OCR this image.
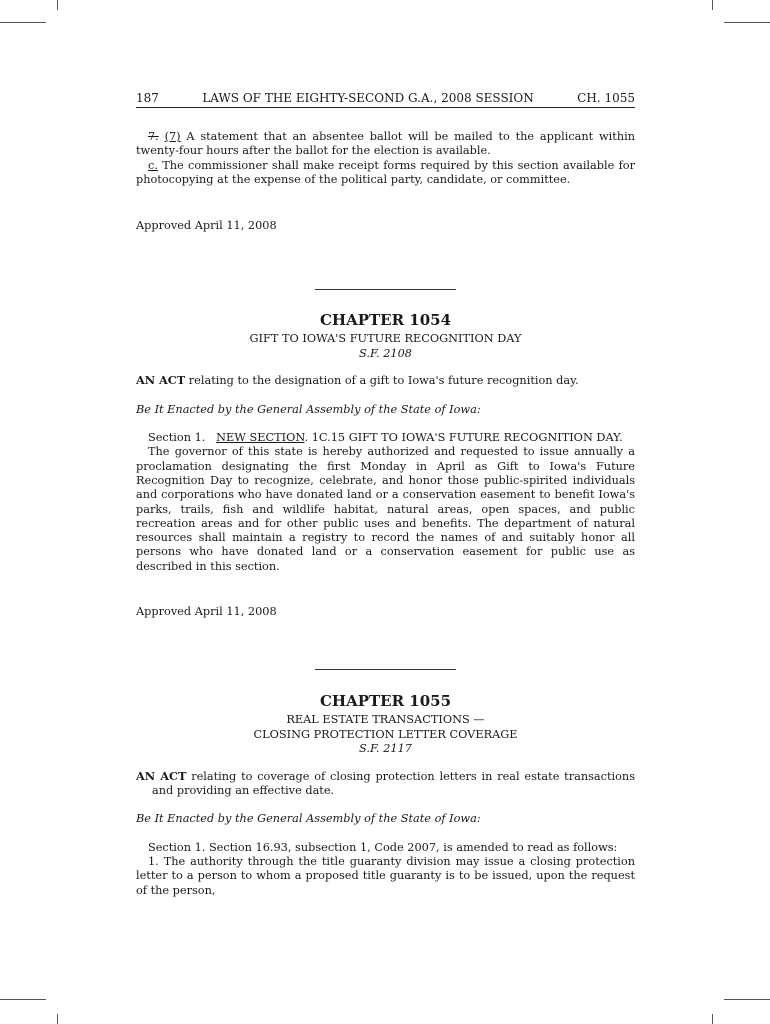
187	LAWS OF THE EIGHTY-SECOND G.A., 2008 SESSION	CH. 1055

7. (7) A statement that an absentee ballot will be mailed to the applicant within twenty-four hours after the ballot for the election is available.

c. The commissioner shall make receipt forms required by this section available for photocopying at the expense of the political party, candidate, or committee.

Approved April 11, 2008

CHAPTER 1054
GIFT TO IOWA'S FUTURE RECOGNITION DAY
S.F. 2108

AN ACT relating to the designation of a gift to Iowa's future recognition day.

Be It Enacted by the General Assembly of the State of Iowa:

Section 1. NEW SECTION. 1C.15 GIFT TO IOWA'S FUTURE RECOGNITION DAY.

The governor of this state is hereby authorized and requested to issue annually a proclamation designating the first Monday in April as Gift to Iowa's Future Recognition Day to recognize, celebrate, and honor those public-spirited individuals and corporations who have donated land or a conservation easement to benefit Iowa's parks, trails, fish and wildlife habitat, natural areas, open spaces, and public recreation areas and for other public uses and benefits. The department of natural resources shall maintain a registry to record the names of and suitably honor all persons who have donated land or a conservation easement for public use as described in this section.

Approved April 11, 2008

CHAPTER 1055
REAL ESTATE TRANSACTIONS —
CLOSING PROTECTION LETTER COVERAGE
S.F. 2117

AN ACT relating to coverage of closing protection letters in real estate transactions and providing an effective date.

Be It Enacted by the General Assembly of the State of Iowa:

Section 1. Section 16.93, subsection 1, Code 2007, is amended to read as follows:

1. The authority through the title guaranty division may issue a closing protection letter to a person to whom a proposed title guaranty is to be issued, upon the request of the person,
